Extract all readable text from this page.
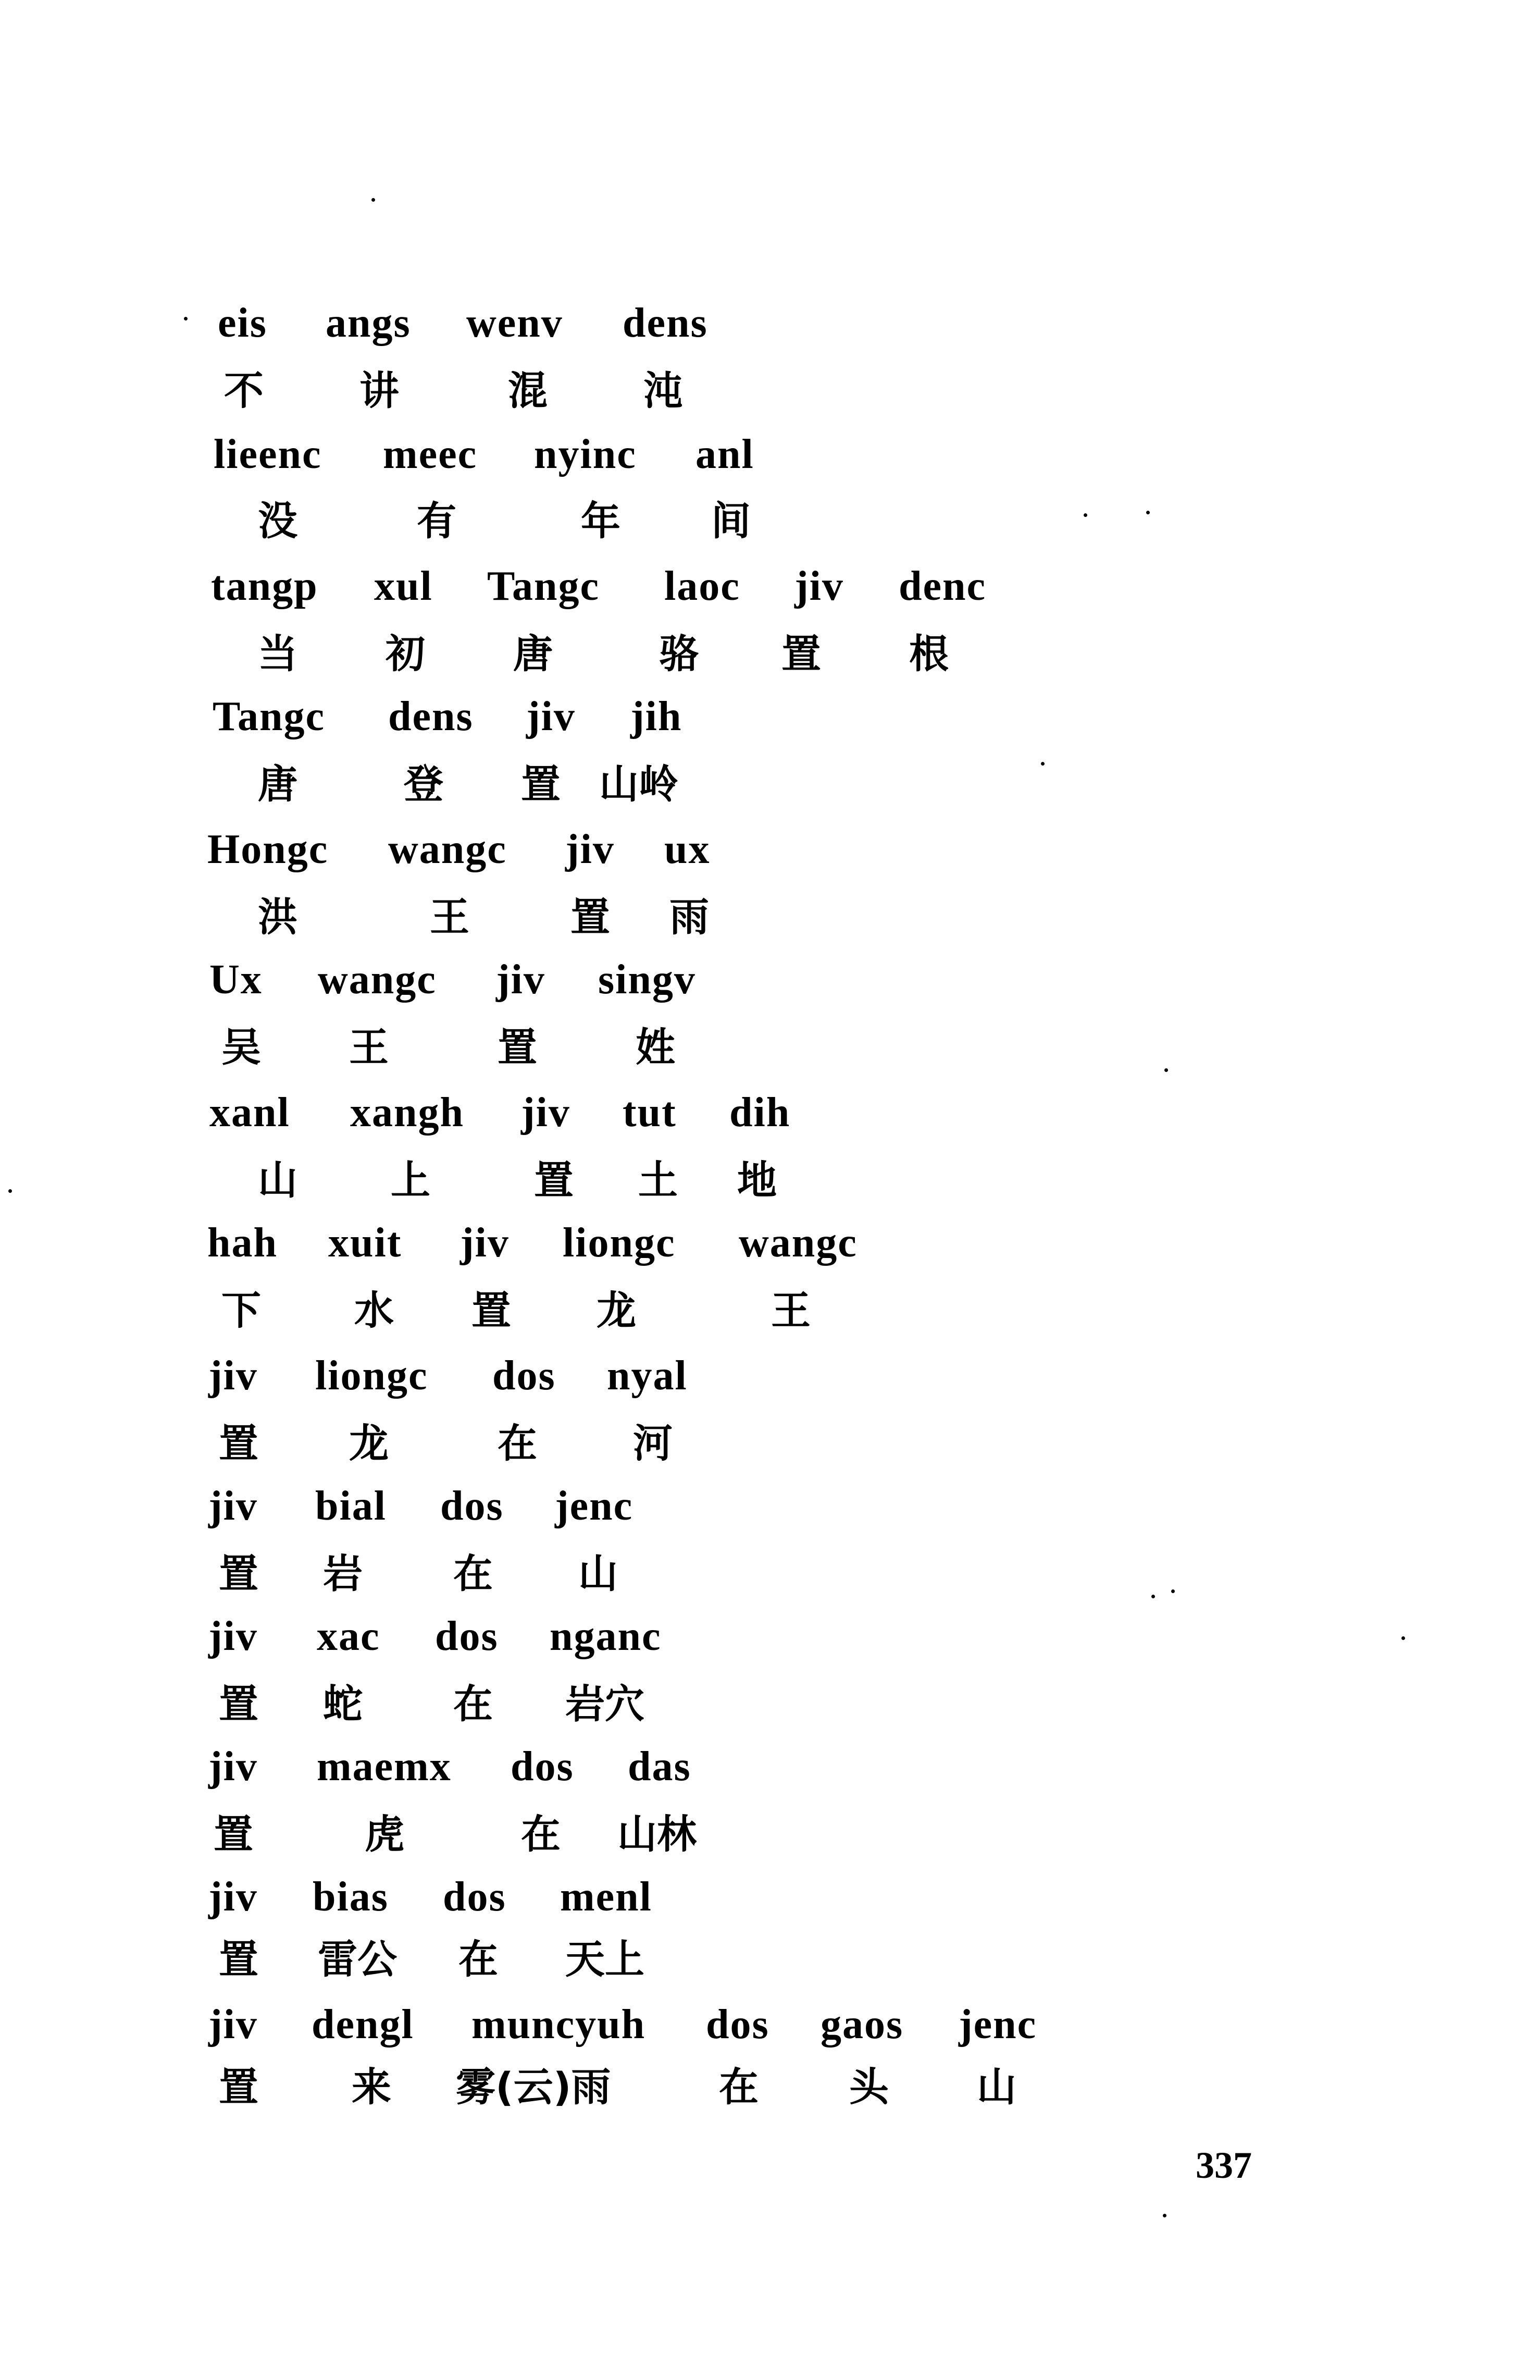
eis angs wenv dens
不 讲	混 沌
lieenc meec nyinc anl
没	有	年 间
tangp xul Tangc laoc jiv denc
当 初 唐	骆 置 根
Tangc dens jiv jih
唐	登 置 山岭
Hongc wangc jiv ux
洪	王	置 雨
Ux wangc jiv singv
吴 王	置 姓
xanl xangh jiv tut dih
山 上	置 土 地
hah xuit jiv liongc wangc
下 水 置 龙	王
jiv liongc dos nyal
置 龙	在 河
jiv bial dos jenc
置 岩 在 山
jiv xac dos nganc
置 蛇 在 岩穴
jiv maemx dos das
置	虎	在 山林
jiv bias dos menl
置 雷公 在 天上
jiv dengl muncyuh dos gaos jenc
置 来 雾(云)雨	在 头 山
337
